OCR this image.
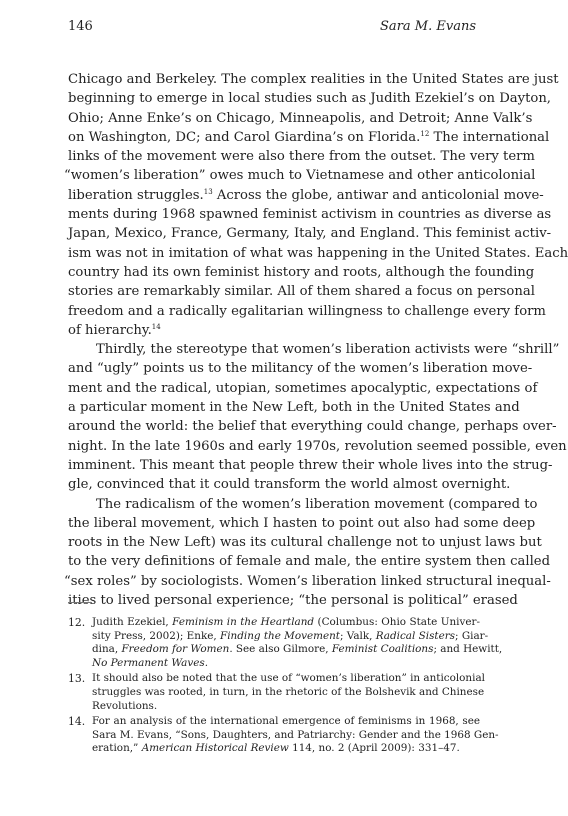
146	Sara M. Evans
Chicago and Berkeley. The complex realities in the United States are just
beginning to emerge in local studies such as Judith Ezekiel’s on Dayton,
Ohio; Anne Enke’s on Chicago, Minneapolis, and Detroit; Anne Valk’s
on Washington, DC; and Carol Giardina’s on Florida.$^{12}$ The international
links of the movement were also there from the outset. The very term
“women’s liberation” owes much to Vietnamese and other anticolonial
liberation struggles.$^{13}$ Across the globe, antiwar and anticolonial move-
ments during 1968 spawned feminist activism in countries as diverse as
Japan, Mexico, France, Germany, Italy, and England. This feminist activ-
ism was not in imitation of what was happening in the United States. Each
country had its own feminist history and roots, although the founding
stories are remarkably similar. All of them shared a focus on personal
freedom and a radically egalitarian willingness to challenge every form
of hierarchy.$^{14}$
Thirdly, the stereotype that women’s liberation activists were “shrill”
and “ugly” points us to the militancy of the women’s liberation move-
ment and the radical, utopian, sometimes apocalyptic, expectations of
a particular moment in the New Left, both in the United States and
around the world: the belief that everything could change, perhaps over-
night. In the late 1960s and early 1970s, revolution seemed possible, even
imminent. This meant that people threw their whole lives into the strug-
gle, convinced that it could transform the world almost overnight.
The radicalism of the women’s liberation movement (compared to
the liberal movement, which I hasten to point out also had some deep
roots in the New Left) was its cultural challenge not to unjust laws but
to the very definitions of female and male, the entire system then called
“sex roles” by sociologists. Women’s liberation linked structural inequal-
ities to lived personal experience; “the personal is political” erased
12. Judith Ezekiel, Feminism in the Heartland (Columbus: Ohio State Univer-
sity Press, 2002); Enke, Finding the Movement; Valk, Radical Sisters; Giar-
dina, Freedom for Women. See also Gilmore, Feminist Coalitions; and Hewitt,
No Permanent Waves.
13. It should also be noted that the use of “women’s liberation” in anticolonial
struggles was rooted, in turn, in the rhetoric of the Bolshevik and Chinese
Revolutions.
14. For an analysis of the international emergence of feminisms in 1968, see
Sara M. Evans, “Sons, Daughters, and Patriarchy: Gender and the 1968 Gen-
eration,” American Historical Review 114, no. 2 (April 2009): 331–47.
